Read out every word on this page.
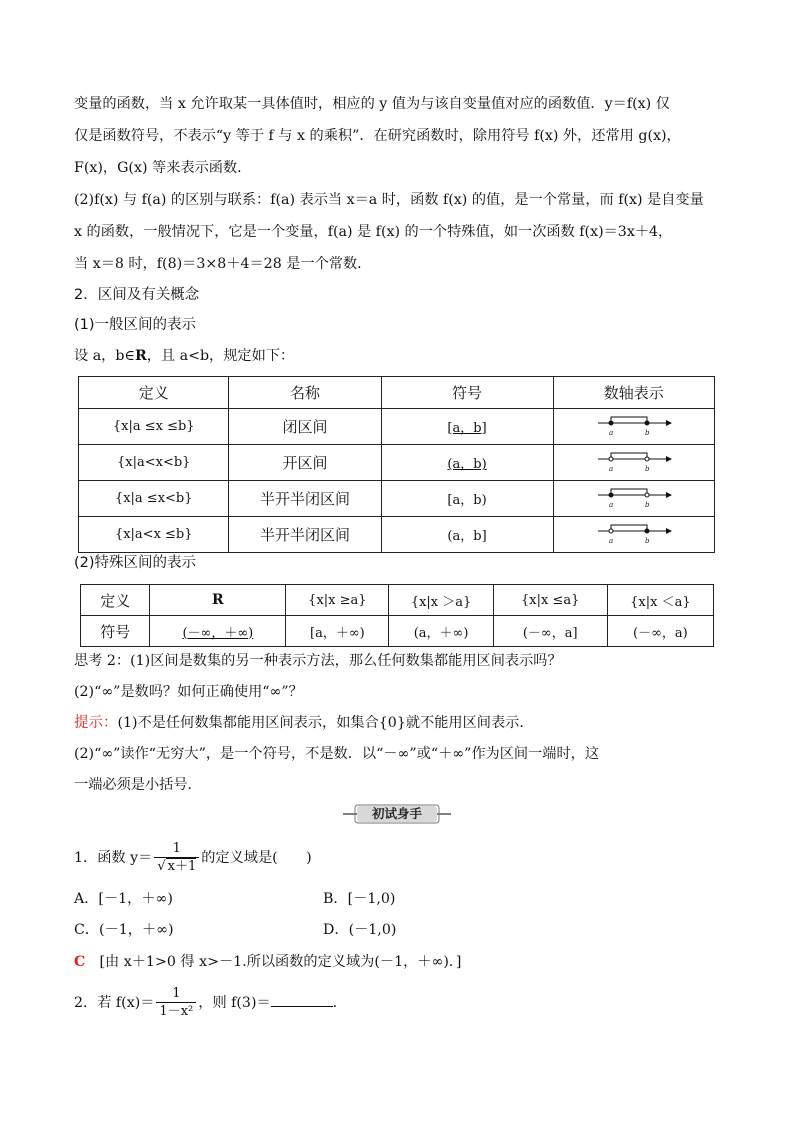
变量的函数，当 x 允许取某一具体值时，相应的 y 值为与该自变量值对应的函数值．y＝f(x) 仅
仅是函数符号，不表示“y 等于 f 与 x 的乘积”．在研究函数时，除用符号 f(x) 外，还常用 g(x)，
F(x)，G(x) 等来表示函数．
(2)f(x) 与 f(a) 的区别与联系：f(a) 表示当 x＝a 时，函数 f(x) 的值，是一个常量，而 f(x) 是自变量
x 的函数，一般情况下，它是一个变量，f(a) 是 f(x) 的一个特殊值，如一次函数 f(x)＝3x＋4，
当 x＝8 时，f(8)＝3×8＋4＝28 是一个常数．
2．区间及有关概念
(1)一般区间的表示
设 a，b∈R，且 a<b，规定如下：
定义	名称	符号	数轴表示
{x|a ≤x ≤b}	闭区间	[a，b]	a b

{x|a<x<b}	开区间	(a，b)	a b

{x|a ≤x<b}	半开半闭区间	[a，b)	a b

{x|a<x ≤b}	半开半闭区间	(a，b]	a b
(2)特殊区间的表示
定义	R	{x|x ≥a}	{x|x ＞a}	{x|x ≤a}	{x|x ＜a}
符号	(－∞，＋∞)	[a，＋∞)	(a，＋∞)	(－∞，a]	(－∞，a)
思考 2：(1)区间是数集的另一种表示方法，那么任何数集都能用区间表示吗？
(2)“∞”是数吗？如何正确使用“∞”？
提示：(1)不是任何数集都能用区间表示，如集合{0}就不能用区间表示．
(2)“∞”读作“无穷大”，是一个符号，不是数．以“－∞”或“＋∞”作为区间一端时，这
一端必须是小括号．
初试身手
1．函数 $y= \frac{1}{√ x+1}$ 的定义域是(　　)
A．[－1，＋∞)	B．[－1,0)
C．(－1，＋∞)	D．(－1,0)
C　 [由 x＋1>0 得 x>－1.所以函数的定义域为(－1，＋∞)．]
2．若 $f(x)= \frac{1}{\text{1－x²}}$ ，则 f(3)＝	.
